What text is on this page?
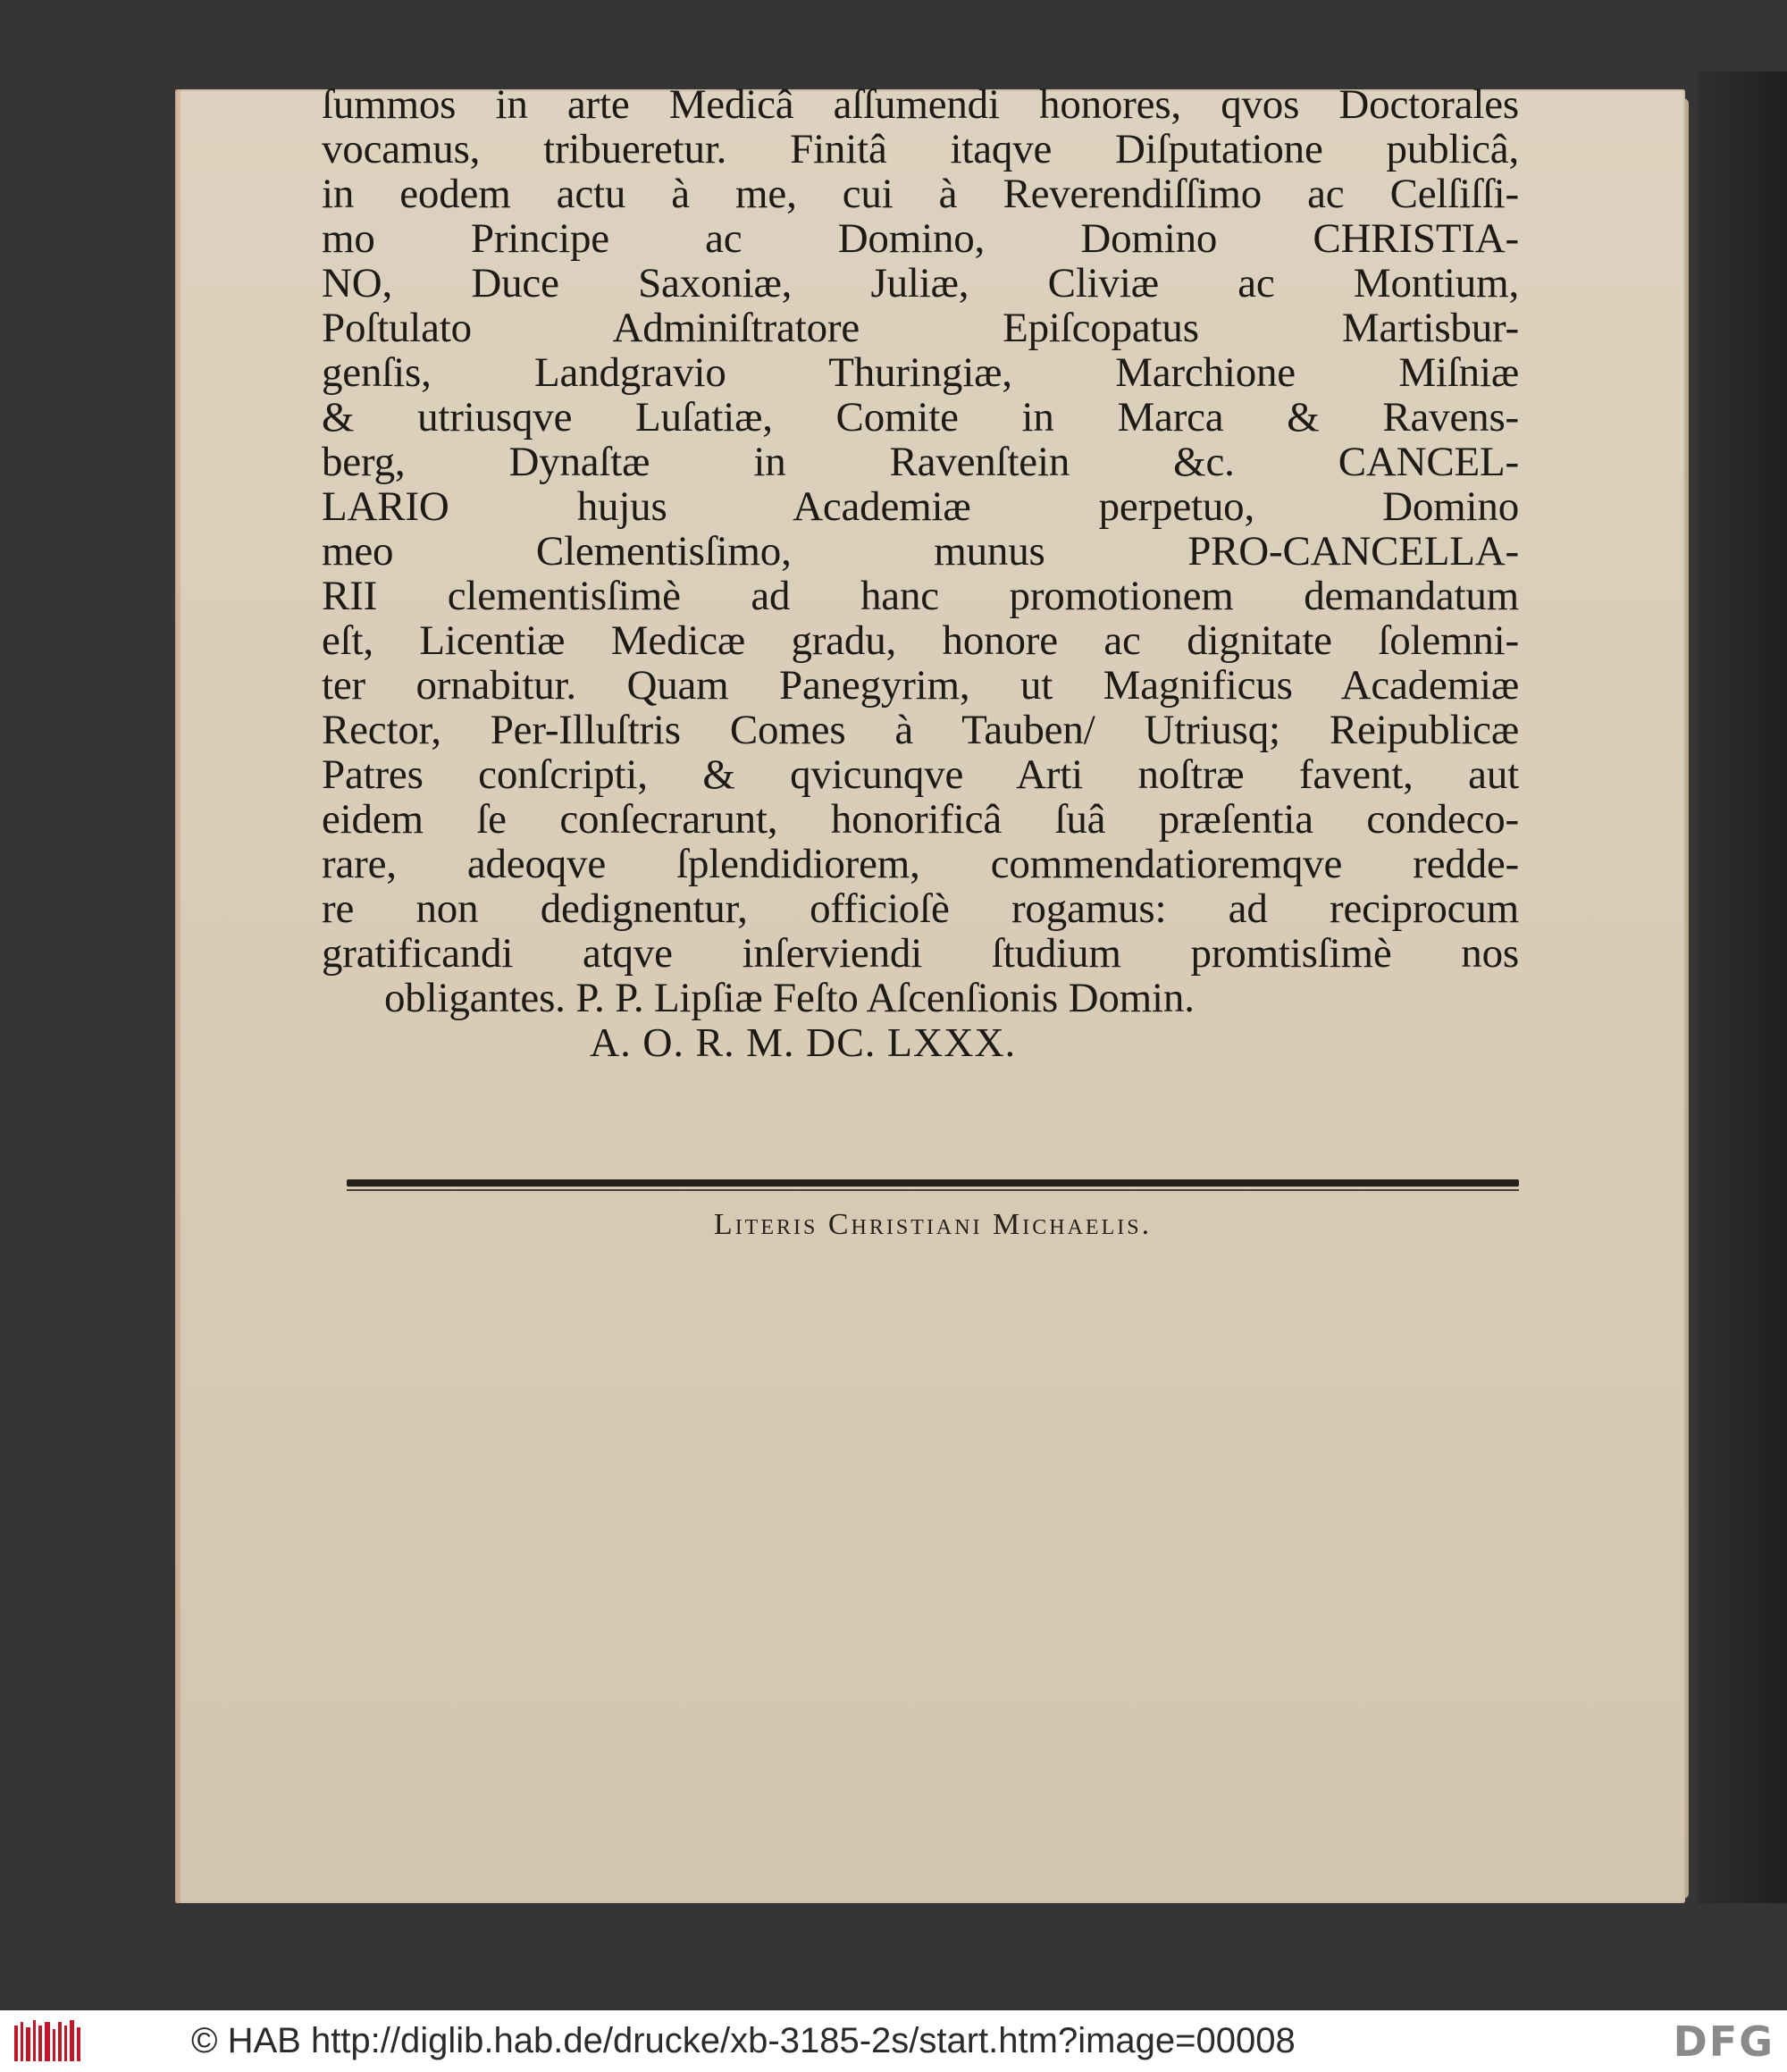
ſummos in arte Medicâ aſſumendi honores, qvos Doctorales

vocamus, tribueretur. Finitâ itaqve Diſputatione publicâ,

in eodem actu à me, cui à Reverendiſſimo ac Celſiſſi-

mo Principe ac Domino, Domino CHRISTIA-

NO, Duce Saxoniæ, Juliæ, Cliviæ ac Montium,

Poſtulato Adminiſtratore Epiſcopatus Martisbur-

genſis, Landgravio Thuringiæ, Marchione Miſniæ

& utriusqve Luſatiæ, Comite in Marca & Ravens-

berg, Dynaſtæ in Ravenſtein &c. CANCEL-

LARIO hujus Academiæ perpetuo, Domino

meo Clementisſimo, munus PRO-CANCELLA-

RII clementisſimè ad hanc promotionem demandatum

eſt, Licentiæ Medicæ gradu, honore ac dignitate ſolemni-

ter ornabitur. Quam Panegyrim, ut Magnificus Academiæ

Rector, Per-Illuſtris Comes à Tauben/ Utriusq; Reipublicæ

Patres conſcripti, & qvicunqve Arti noſtræ favent, aut

eidem ſe conſecrarunt, honorificâ ſuâ præſentia condeco-

rare, adeoqve ſplendidiorem, commendatioremqve redde-

re non dedignentur, officioſè rogamus: ad reciprocum

gratificandi atqve inſerviendi ſtudium promtisſimè nos

obligantes. P. P. Lipſiæ Feſto Aſcenſionis Domin.

A. O. R. M. DC. LXXX.

Literis Christiani Michaelis.
© HAB http://diglib.hab.de/drucke/xb-3185-2s/start.htm?image=00008	DFG
